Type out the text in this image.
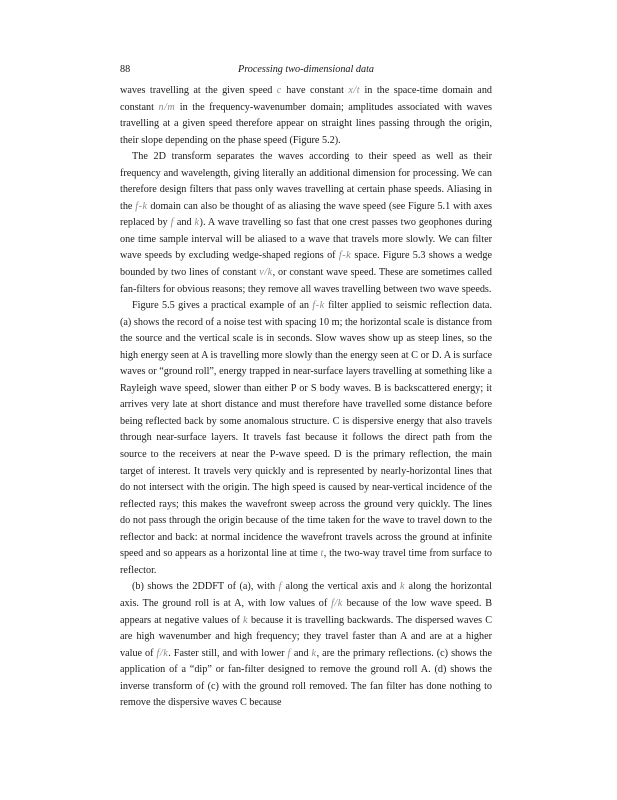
88	Processing two-dimensional data

waves travelling at the given speed c have constant x/t in the space-time domain and constant n/m in the frequency-wavenumber domain; amplitudes associated with waves travelling at a given speed therefore appear on straight lines passing through the origin, their slope depending on the phase speed (Figure 5.2).

The 2D transform separates the waves according to their speed as well as their frequency and wavelength, giving literally an additional dimension for processing. We can therefore design filters that pass only waves travelling at certain phase speeds. Aliasing in the f-k domain can also be thought of as aliasing the wave speed (see Figure 5.1 with axes replaced by f and k). A wave travelling so fast that one crest passes two geophones during one time sample interval will be aliased to a wave that travels more slowly. We can filter wave speeds by excluding wedge-shaped regions of f-k space. Figure 5.3 shows a wedge bounded by two lines of constant ν/k, or constant wave speed. These are sometimes called fan-filters for obvious reasons; they remove all waves travelling between two wave speeds.

Figure 5.5 gives a practical example of an f-k filter applied to seismic reflection data. (a) shows the record of a noise test with spacing 10 m; the horizontal scale is distance from the source and the vertical scale is in seconds. Slow waves show up as steep lines, so the high energy seen at A is travelling more slowly than the energy seen at C or D. A is surface waves or “ground roll”, energy trapped in near-surface layers travelling at something like a Rayleigh wave speed, slower than either P or S body waves. B is backscattered energy; it arrives very late at short distance and must therefore have travelled some distance before being reflected back by some anomalous structure. C is dispersive energy that also travels through near-surface layers. It travels fast because it follows the direct path from the source to the receivers at near the P-wave speed. D is the primary reflection, the main target of interest. It travels very quickly and is represented by nearly-horizontal lines that do not intersect with the origin. The high speed is caused by near-vertical incidence of the reflected rays; this makes the wavefront sweep across the ground very quickly. The lines do not pass through the origin because of the time taken for the wave to travel down to the reflector and back: at normal incidence the wavefront travels across the ground at infinite speed and so appears as a horizontal line at time t, the two-way travel time from surface to reflector.

(b) shows the 2DDFT of (a), with f along the vertical axis and k along the horizontal axis. The ground roll is at A, with low values of f/k because of the low wave speed. B appears at negative values of k because it is travelling backwards. The dispersed waves C are high wavenumber and high frequency; they travel faster than A and are at a higher value of f/k. Faster still, and with lower f and k, are the primary reflections. (c) shows the application of a “dip” or fan-filter designed to remove the ground roll A. (d) shows the inverse transform of (c) with the ground roll removed. The fan filter has done nothing to remove the dispersive waves C because
